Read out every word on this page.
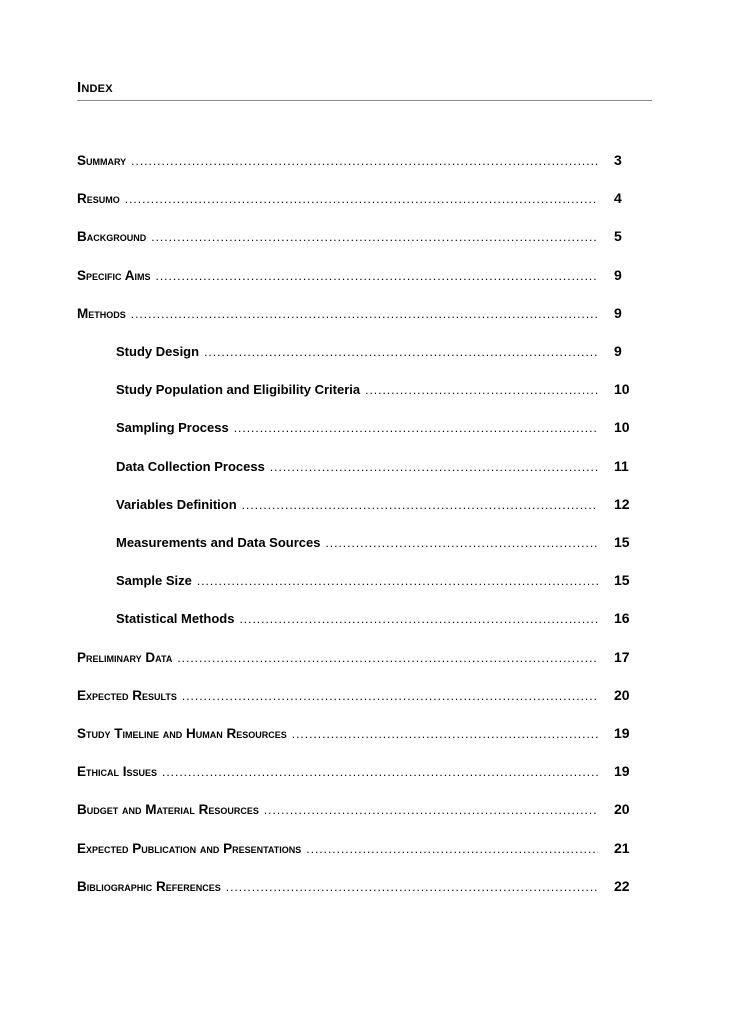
Index
Summary .....	3
Resumo .....	4
Background .....	5
Specific Aims .....	9
Methods .....	9
Study Design .....	9
Study Population and Eligibility Criteria .....	10
Sampling Process .....	10
Data Collection Process .....	11
Variables Definition .....	12
Measurements and Data Sources .....	15
Sample Size .....	15
Statistical Methods .....	16
Preliminary Data .....	17
Expected Results .....	20
Study Timeline and Human Resources .....	19
Ethical Issues .....	19
Budget and Material Resources .....	20
Expected Publication and Presentations .....	21
Bibliographic References .....	22
